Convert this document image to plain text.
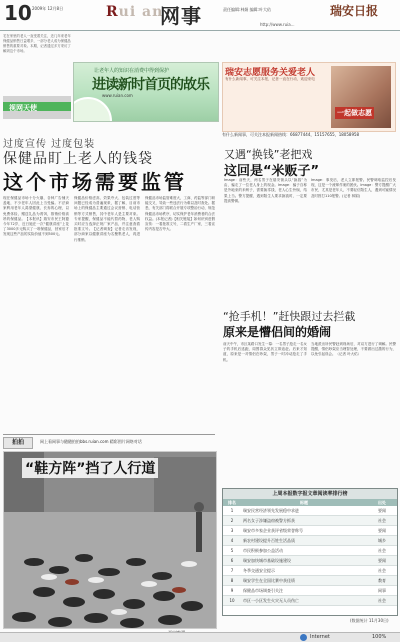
10 2009年 12月8日	Rui an
网事	责任编辑:林娟 编辑:叶大佑	瑞安日报
http://www.ruia...
宅在家里的老人一直受着关注，近几年来老年保健品销售日益增多，一部分老人成为保健品销售的重要对象。本期，记者通过多方采访了解到这个市场。
让老年人的知识在消费中得到保护
进读新时首页的故乐
www.ruian.com
视网天使
瑞安志愿服务关爱老人
有什么新闻事，可关注本报，记者一直在行动，欢迎来电
一起做志愿
有什么新闻事，可关注本报新闻热线：66877444，15157655，18058958
过度宣传 过度包装
保健品盯上老人的钱袋
这个市场需要监管
现在保健品市场十分火爆，各种广告铺天盖地，不少老年人因此上当受骗。不法商家利用老年人渴望健康、长寿的心理，以免费体检、赠送礼品为诱饵，推销价格高昂的保健品。【本报讯】瑞安市民王阿婆今年72岁，近日她在一次“健康讲座”上花了3000多元购买了一堆保健品，回家后才发现这些产品的实际价值不到500元。
保健品价格虚高、效果夸大、包装过度等问题已经成为普遍现象，据了解，目前市场上的保健品主要通过会议营销、电话营销等方式销售，其中老年人是主要对象。专家提醒，保健品不能代替药物，老人购买时应当选择正规厂家产品，并注意查看批准文号。【记者调查】记者走访发现，部分商家以健康讲座为名聚集老人，再进行推销。
保健品市场监管难度大，工商、药监等部门职能交叉，导致一些违法行为难以及时查处。据悉，有关部门将联合开展专项整治行动，规范保健品市场秩序，切实保护老年消费者的合法权益。(本报记者)【相关链接】如何识别虚假宣传：一看批准文号，二看生产厂家，三看宣传内容是否夸大。
又遇“换钱”老把戏
这回是“米贩子”
Image：前些天，两名男子在瑞安街头以“换钱”为由，骗走了一位老人身上的现金。Image：骗子自称是外地来的米贩子，需要换零钱，老人心生怜悯，结果上当。警方提醒，遇到陌生人要求换钱时，一定要提高警惕。
Image：事发后，老人立即报警。民警调取监控后发现，这是一个流窜作案的团伙。Image：警方提醒广大市民，尤其是老年人，不要轻信陌生人，遇到可疑情况及时拨打110报警。(记者 林娟)
“抢手机！”赶快跟过去拦截
原来是懵侣间的婚闹
前天中午，市区某路口发生一幕：一名男子抢走一名女子的手机后逃跑，周围群众见状立即追赶。后来才知道，原来是一对情侣在吵架，男子一时冲动抢走了手机。
当地派出所民警赶到现场后，对双方进行了调解。民警提醒，情侣吵架应当理智处理，不要做出过激的行为，以免引起误会。（记者 叶大佑）
拍拍	网上看网事与随随拍拍bbs.ruian.com 精彩图片网络对话
“鞋方阵”挡了人行道
上周本报数字报文章阅读率排行榜
排名	标题	出处
1	瑞安民营经济领先发展稳中求进	要闻
2	两名女子涉嫌盗窃被警方抓获	社会
3	瑞安市多家企业获评省级荣誉称号	要闻
4	新农村建设提升百姓生活品质	城乡
5	市民积极参加公益活动	社会
6	瑞安加快城市基础设施建设	要闻
7	冬季交通安全提示	社会
8	瑞安学生在全国比赛中获佳绩	教育
9	保健品市场调查引关注	网事
10	市区一小区发生火灾无人员伤亡	社会
(数据统计 11月30日)
Internet	100%
